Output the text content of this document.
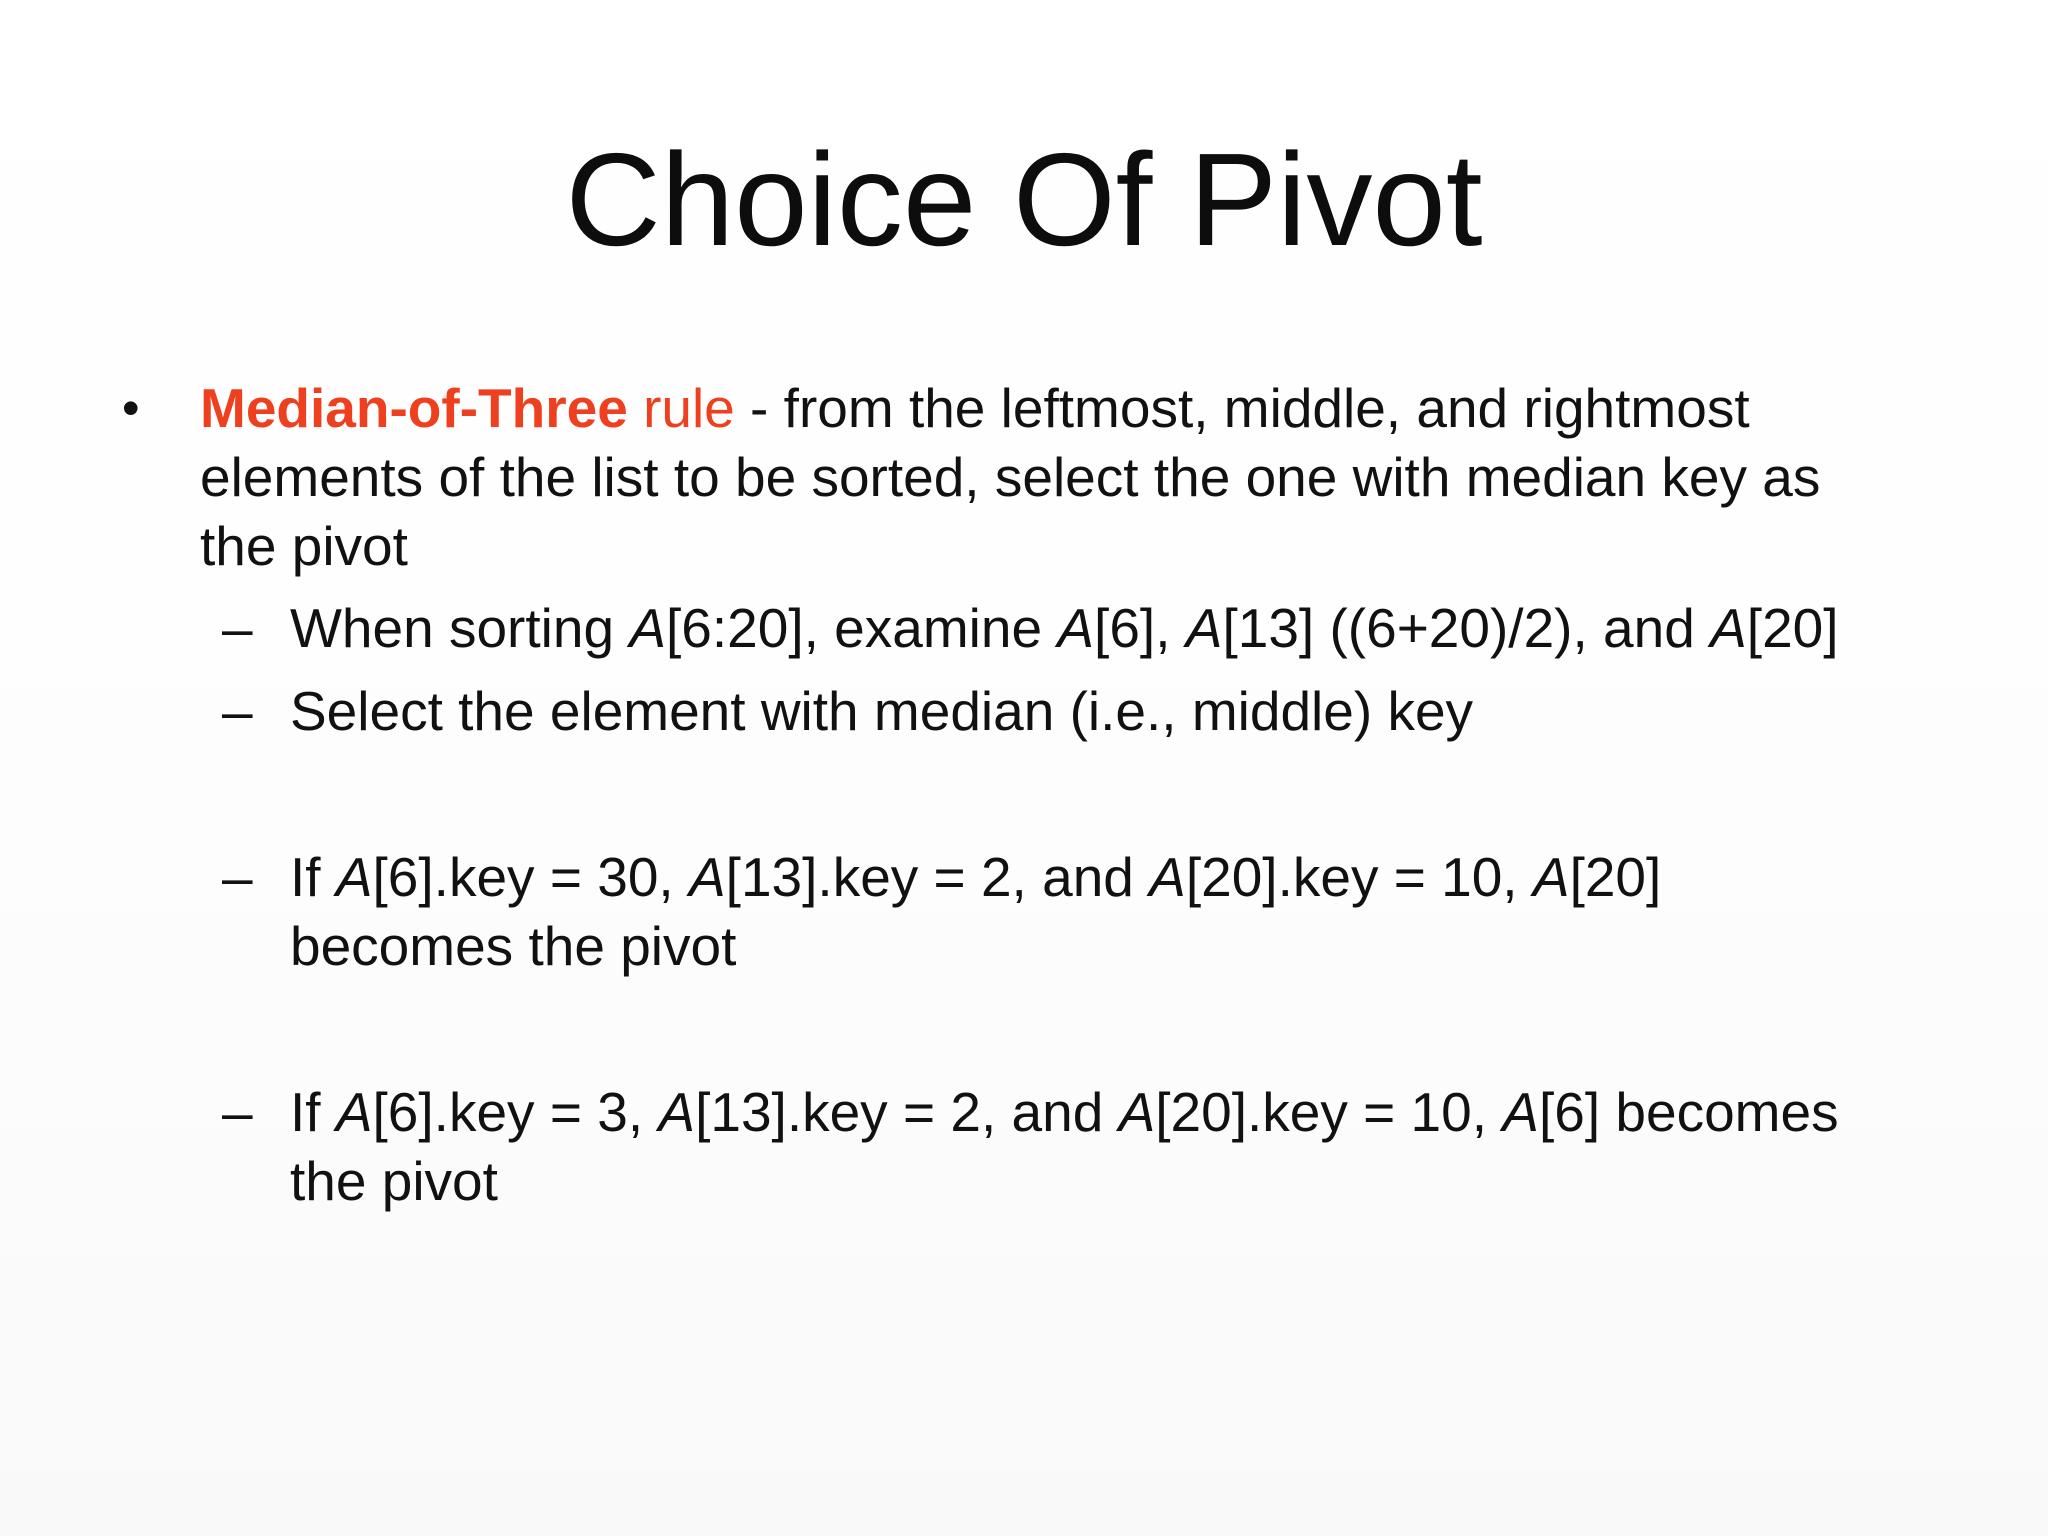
Choice Of Pivot
• Median-of-Three rule - from the leftmost, middle, and rightmost
elements of the list to be sorted, select the one with median key as
the pivot
– When sorting A[6:20], examine A[6], A[13] ((6+20)/2), and A[20]
– Select the element with median (i.e., middle) key
– If A[6].key = 30, A[13].key = 2, and A[20].key = 10, A[20]
becomes the pivot
– If A[6].key = 3, A[13].key = 2, and A[20].key = 10, A[6] becomes
the pivot
